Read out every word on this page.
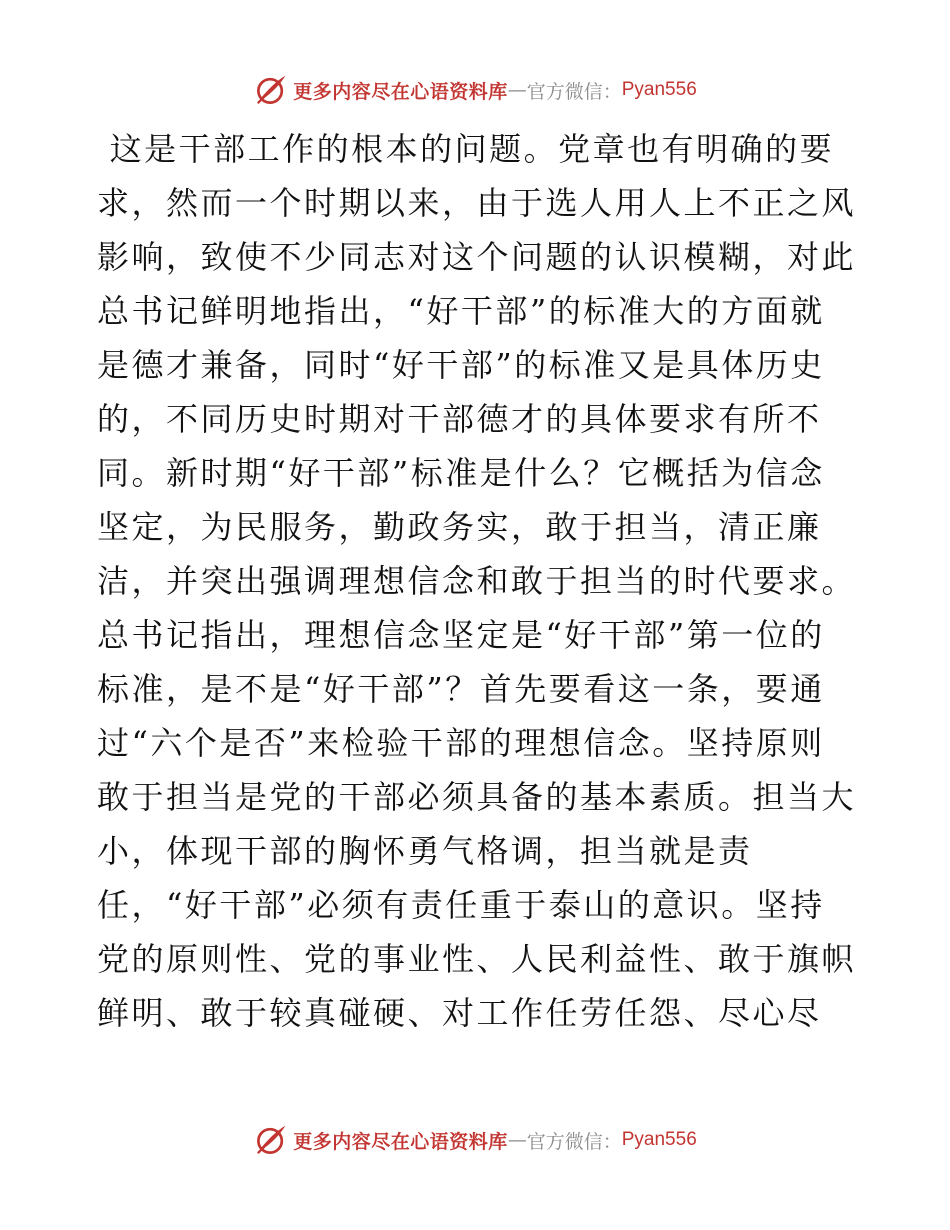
更多内容尽在心语资料库 — 官方微信： Pyan556
这是干部工作的根本的问题。党章也有明确的要
求，然而一个时期以来，由于选人用人上不正之风
影响，致使不少同志对这个问题的认识模糊，对此
总书记鲜明地指出，“好干部”的标准大的方面就
是德才兼备，同时“好干部”的标准又是具体历史
的，不同历史时期对干部德才的具体要求有所不
同。新时期“好干部”标准是什么？它概括为信念
坚定，为民服务，勤政务实，敢于担当，清正廉
洁，并突出强调理想信念和敢于担当的时代要求。
总书记指出，理想信念坚定是“好干部”第一位的
标准，是不是“好干部”？首先要看这一条，要通
过“六个是否”来检验干部的理想信念。坚持原则
敢于担当是党的干部必须具备的基本素质。担当大
小，体现干部的胸怀勇气格调，担当就是责
任，“好干部”必须有责任重于泰山的意识。坚持
党的原则性、党的事业性、人民利益性、敢于旗帜
鲜明、敢于较真碰硬、对工作任劳任怨、尽心尽
更多内容尽在心语资料库 — 官方微信： Pyan556
